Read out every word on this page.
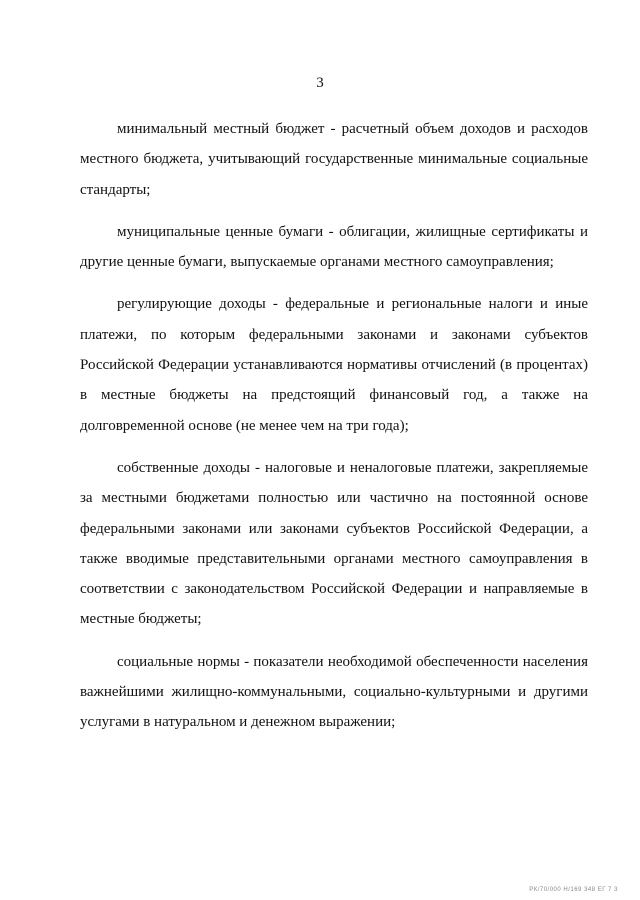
3

минимальный местный бюджет - расчетный объем доходов и расходов местного бюджета, учитывающий государственные минимальные социальные стандарты;

муниципальные ценные бумаги - облигации, жилищные сертификаты и другие ценные бумаги, выпускаемые органами местного самоуправления;

регулирующие доходы - федеральные и региональные налоги и иные платежи, по которым федеральными законами и законами субъектов Российской Федерации устанавливаются нормативы отчислений (в процентах) в местные бюджеты на предстоящий финансовый год, а также на долговременной основе (не менее чем на три года);

собственные доходы - налоговые и неналоговые платежи, закрепляемые за местными бюджетами полностью или частично на постоянной основе федеральными законами или законами субъектов Российской Федерации, а также вводимые представительными органами местного самоуправления в соответствии с законодательством Российской Федерации и направляемые в местные бюджеты;

социальные нормы - показатели необходимой обеспеченности населения важнейшими жилищно-коммунальными, социально-культурными и другими услугами в натуральном и денежном выражении;

РК/70/000 Н/169 348 ЕГ 7 3
